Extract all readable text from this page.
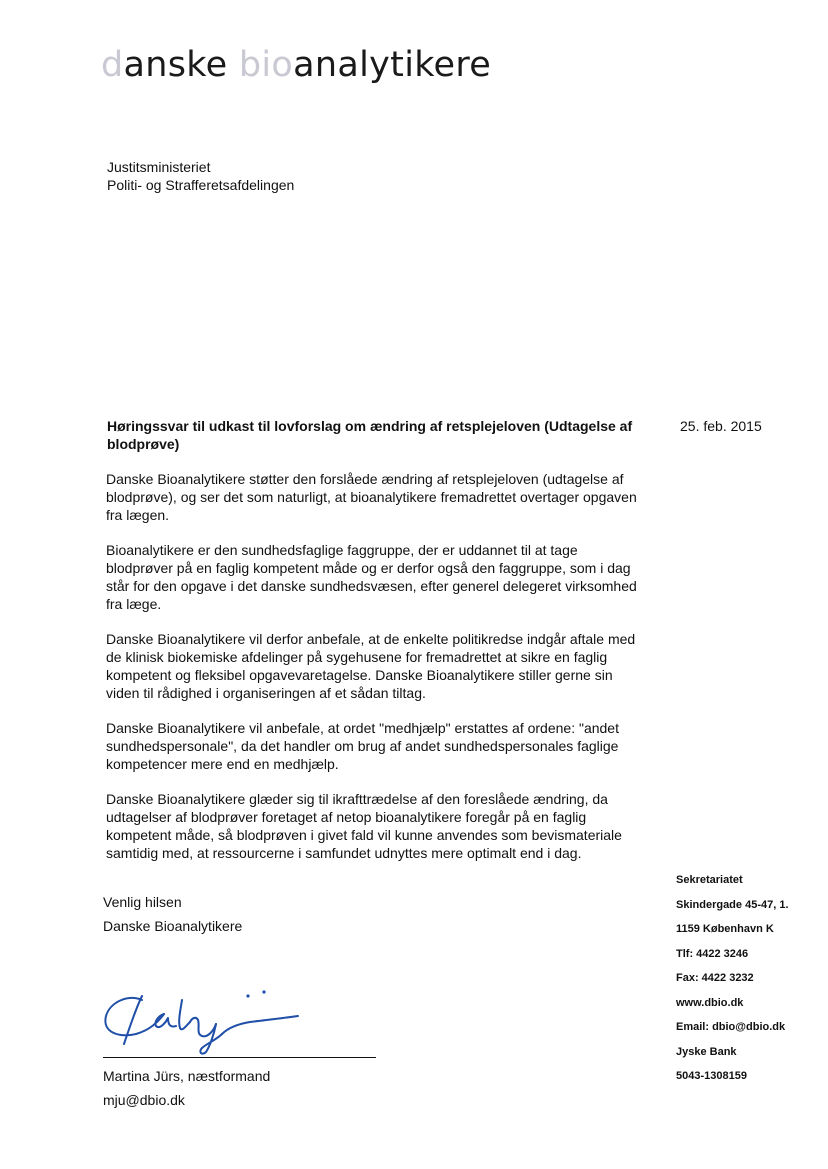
danske bioanalytikere
Justitsministeriet
Politi- og Strafferetsafdelingen
Høringssvar til udkast til lovforslag om ændring af retsplejeloven (Udtagelse af blodprøve)
25. feb. 2015

Danske Bioanalytikere støtter den forslåede ændring af retsplejeloven (udtagelse af blodprøve), og ser det som naturligt, at bioanalytikere fremadrettet overtager opgaven fra lægen.

Bioanalytikere er den sundhedsfaglige faggruppe, der er uddannet til at tage blodprøver på en faglig kompetent måde og er derfor også den faggruppe, som i dag står for den opgave i det danske sundhedsvæsen, efter generel delegeret virksomhed fra læge.

Danske Bioanalytikere vil derfor anbefale, at de enkelte politikredse indgår aftale med de klinisk biokemiske afdelinger på sygehusene for fremadrettet at sikre en faglig kompetent og fleksibel opgavevaretagelse. Danske Bioanalytikere stiller gerne sin viden til rådighed i organiseringen af et sådan tiltag.

Danske Bioanalytikere vil anbefale, at ordet "medhjælp" erstattes af ordene: "andet sundhedspersonale", da det handler om brug af andet sundhedspersonales faglige kompetencer mere end en medhjælp.

Danske Bioanalytikere glæder sig til ikrafttrædelse af den foreslåede ændring, da udtagelser af blodprøver foretaget af netop bioanalytikere foregår på en faglig kompetent måde, så blodprøven i givet fald vil kunne anvendes som bevismateriale samtidig med, at ressourcerne i samfundet udnyttes mere optimalt end i dag.

Venlig hilsen
Danske Bioanalytikere
Martina Jürs, næstformand
mju@dbio.dk
Sekretariatet
Skindergade 45-47, 1.
1159 København K
Tlf: 4422 3246
Fax: 4422 3232
www.dbio.dk
Email: dbio@dbio.dk
Jyske Bank
5043-1308159
